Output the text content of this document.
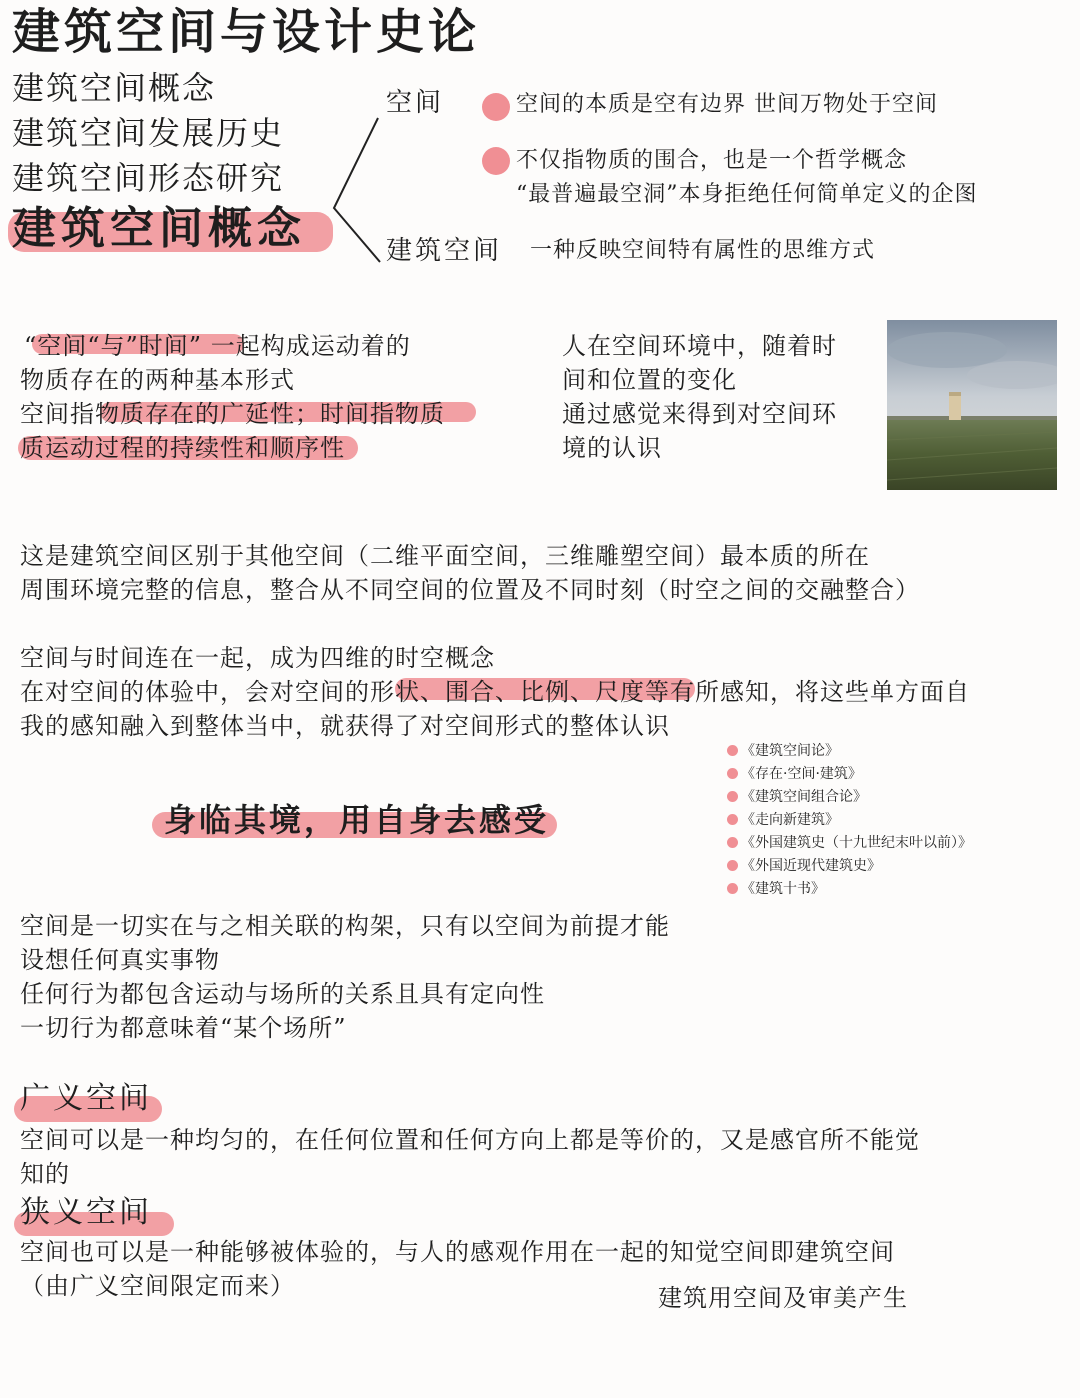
建筑空间与设计史论
建筑空间概念
建筑空间发展历史
建筑空间形态研究
建筑空间概念
空间	空间的本质是空有边界 世间万物处于空间
不仅指物质的围合，也是一个哲学概念
“最普遍最空洞”本身拒绝任何简单定义的企图
建筑空间 一种反映空间特有属性的思维方式
“空间“与”时间” 一起构成运动着的
物质存在的两种基本形式
空间指物质存在的广延性；时间指物质
质运动过程的持续性和顺序性
人在空间环境中，随着时
间和位置的变化
通过感觉来得到对空间环
境的认识
这是建筑空间区别于其他空间（二维平面空间，三维雕塑空间）最本质的所在
周围环境完整的信息，整合从不同空间的位置及不同时刻（时空之间的交融整合）
空间与时间连在一起，成为四维的时空概念
在对空间的体验中，会对空间的形状、围合、比例、尺度等有所感知，将这些单方面自
我的感知融入到整体当中，就获得了对空间形式的整体认识
《建筑空间论》
《存在·空间·建筑》
《建筑空间组合论》
《走向新建筑》
《外国建筑史（十九世纪末叶以前）》
《外国近现代建筑史》
《建筑十书》
身临其境，用自身去感受
空间是一切实在与之相关联的构架，只有以空间为前提才能
设想任何真实事物
任何行为都包含运动与场所的关系且具有定向性
一切行为都意味着“某个场所”
广义空间
空间可以是一种均匀的，在任何位置和任何方向上都是等价的，又是感官所不能觉
知的
狭义空间
空间也可以是一种能够被体验的，与人的感观作用在一起的知觉空间即建筑空间
（由广义空间限定而来）	建筑用空间及审美产生
